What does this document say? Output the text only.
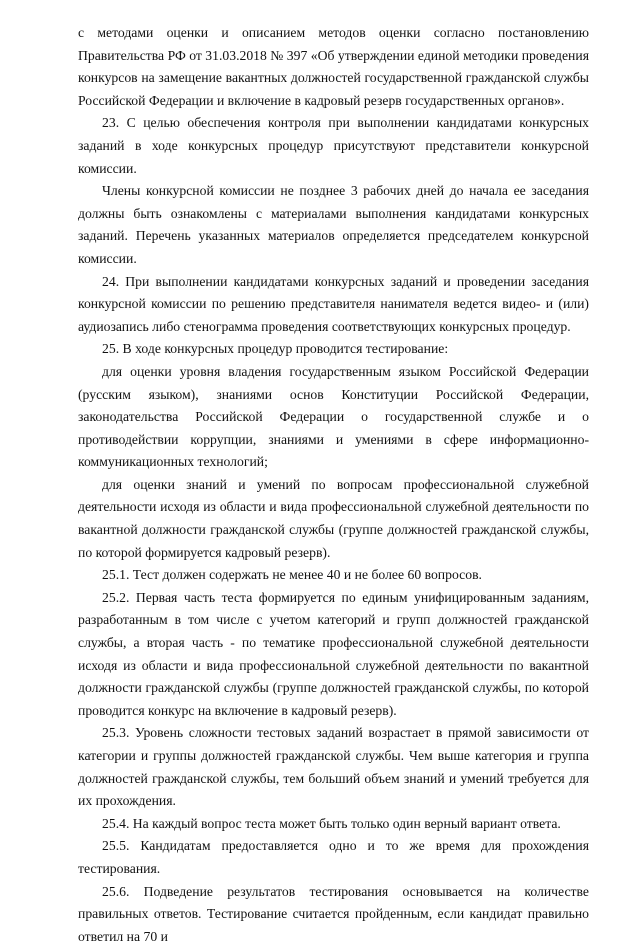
с методами оценки и описанием методов оценки согласно постановлению Правительства РФ от 31.03.2018 № 397 «Об утверждении единой методики проведения конкурсов на замещение вакантных должностей государственной гражданской службы Российской Федерации и включение в кадровый резерв государственных органов».

23. С целью обеспечения контроля при выполнении кандидатами конкурсных заданий в ходе конкурсных процедур присутствуют представители конкурсной комиссии.

Члены конкурсной комиссии не позднее 3 рабочих дней до начала ее заседания должны быть ознакомлены с материалами выполнения кандидатами конкурсных заданий. Перечень указанных материалов определяется председателем конкурсной комиссии.

24. При выполнении кандидатами конкурсных заданий и проведении заседания конкурсной комиссии по решению представителя нанимателя ведется видео- и (или) аудиозапись либо стенограмма проведения соответствующих конкурсных процедур.

25. В ходе конкурсных процедур проводится тестирование:

для оценки уровня владения государственным языком Российской Федерации (русским языком), знаниями основ Конституции Российской Федерации, законодательства Российской Федерации о государственной службе и о противодействии коррупции, знаниями и умениями в сфере информационно-коммуникационных технологий;

для оценки знаний и умений по вопросам профессиональной служебной деятельности исходя из области и вида профессиональной служебной деятельности по вакантной должности гражданской службы (группе должностей гражданской службы, по которой формируется кадровый резерв).

25.1. Тест должен содержать не менее 40 и не более 60 вопросов.

25.2. Первая часть теста формируется по единым унифицированным заданиям, разработанным в том числе с учетом категорий и групп должностей гражданской службы, а вторая часть - по тематике профессиональной служебной деятельности исходя из области и вида профессиональной служебной деятельности по вакантной должности гражданской службы (группе должностей гражданской службы, по которой проводится конкурс на включение в кадровый резерв).

25.3. Уровень сложности тестовых заданий возрастает в прямой зависимости от категории и группы должностей гражданской службы. Чем выше категория и группа должностей гражданской службы, тем больший объем знаний и умений требуется для их прохождения.

25.4. На каждый вопрос теста может быть только один верный вариант ответа.

25.5. Кандидатам предоставляется одно и то же время для прохождения тестирования.

25.6. Подведение результатов тестирования основывается на количестве правильных ответов. Тестирование считается пройденным, если кандидат правильно ответил на 70 и
